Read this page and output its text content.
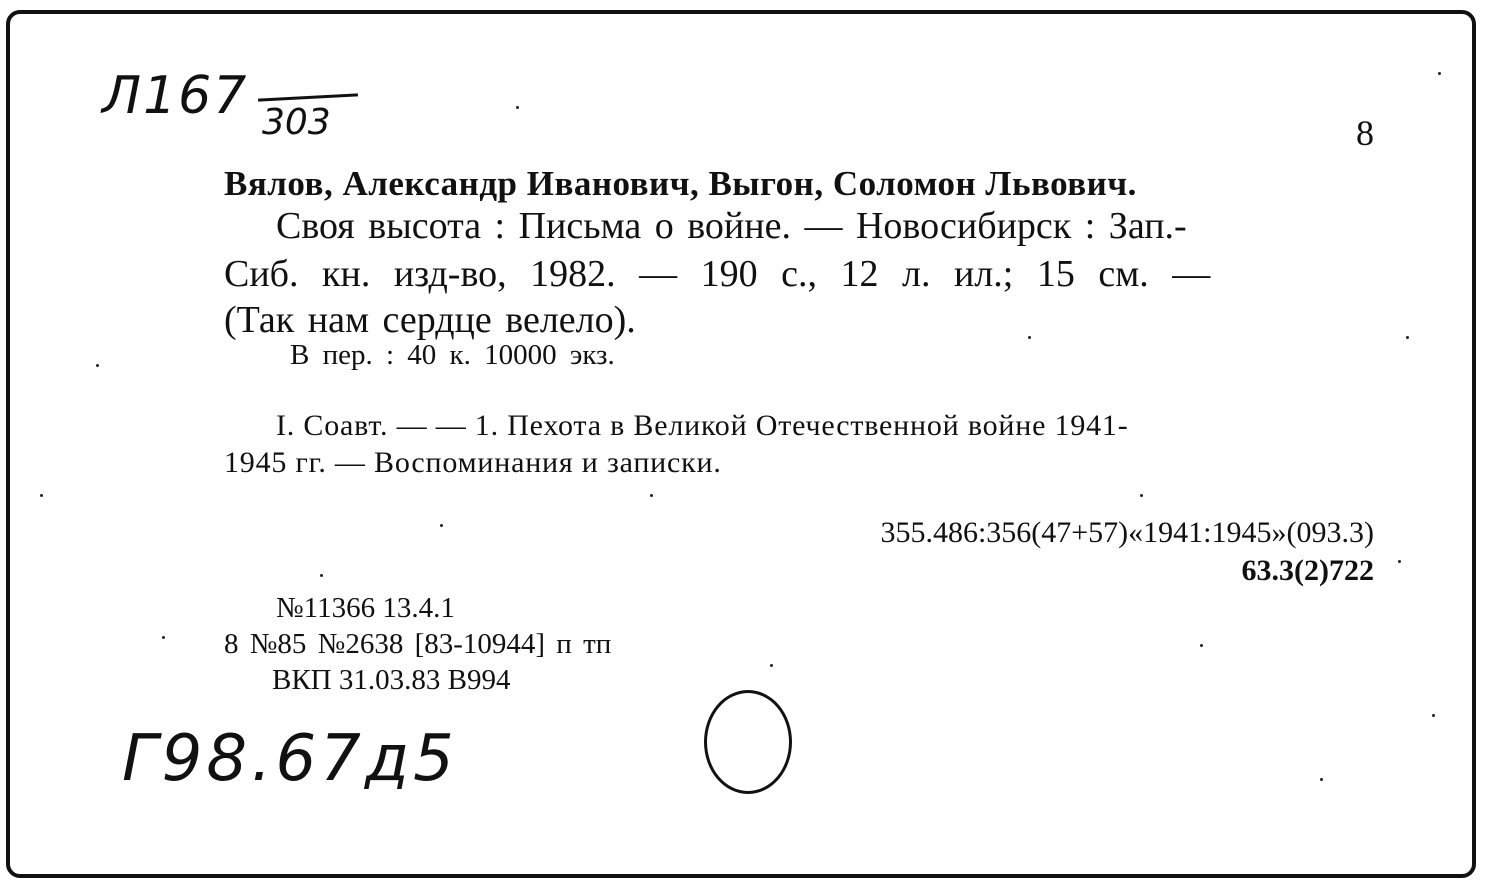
Л167 303	8
Вялов, Александр Иванович, Выгон, Соломон Львович.
Своя высота : Письма о войне. — Новосибирск : Зап.-
Сиб. кн. изд-во, 1982. — 190 с., 12 л. ил.; 15 см. —
(Так нам сердце велело).
В пер. : 40 к. 10000 экз.
I. Соавт. — — 1. Пехота в Великой Отечественной войне 1941-
1945 гг. — Воспоминания и записки.
355.486:356(47+57)«1941:1945»(093.3)
63.3(2)722
№11366 13.4.1
8 №85 №2638 [83-10944] п тп
ВКП 31.03.83 В994
Г98.67д5
